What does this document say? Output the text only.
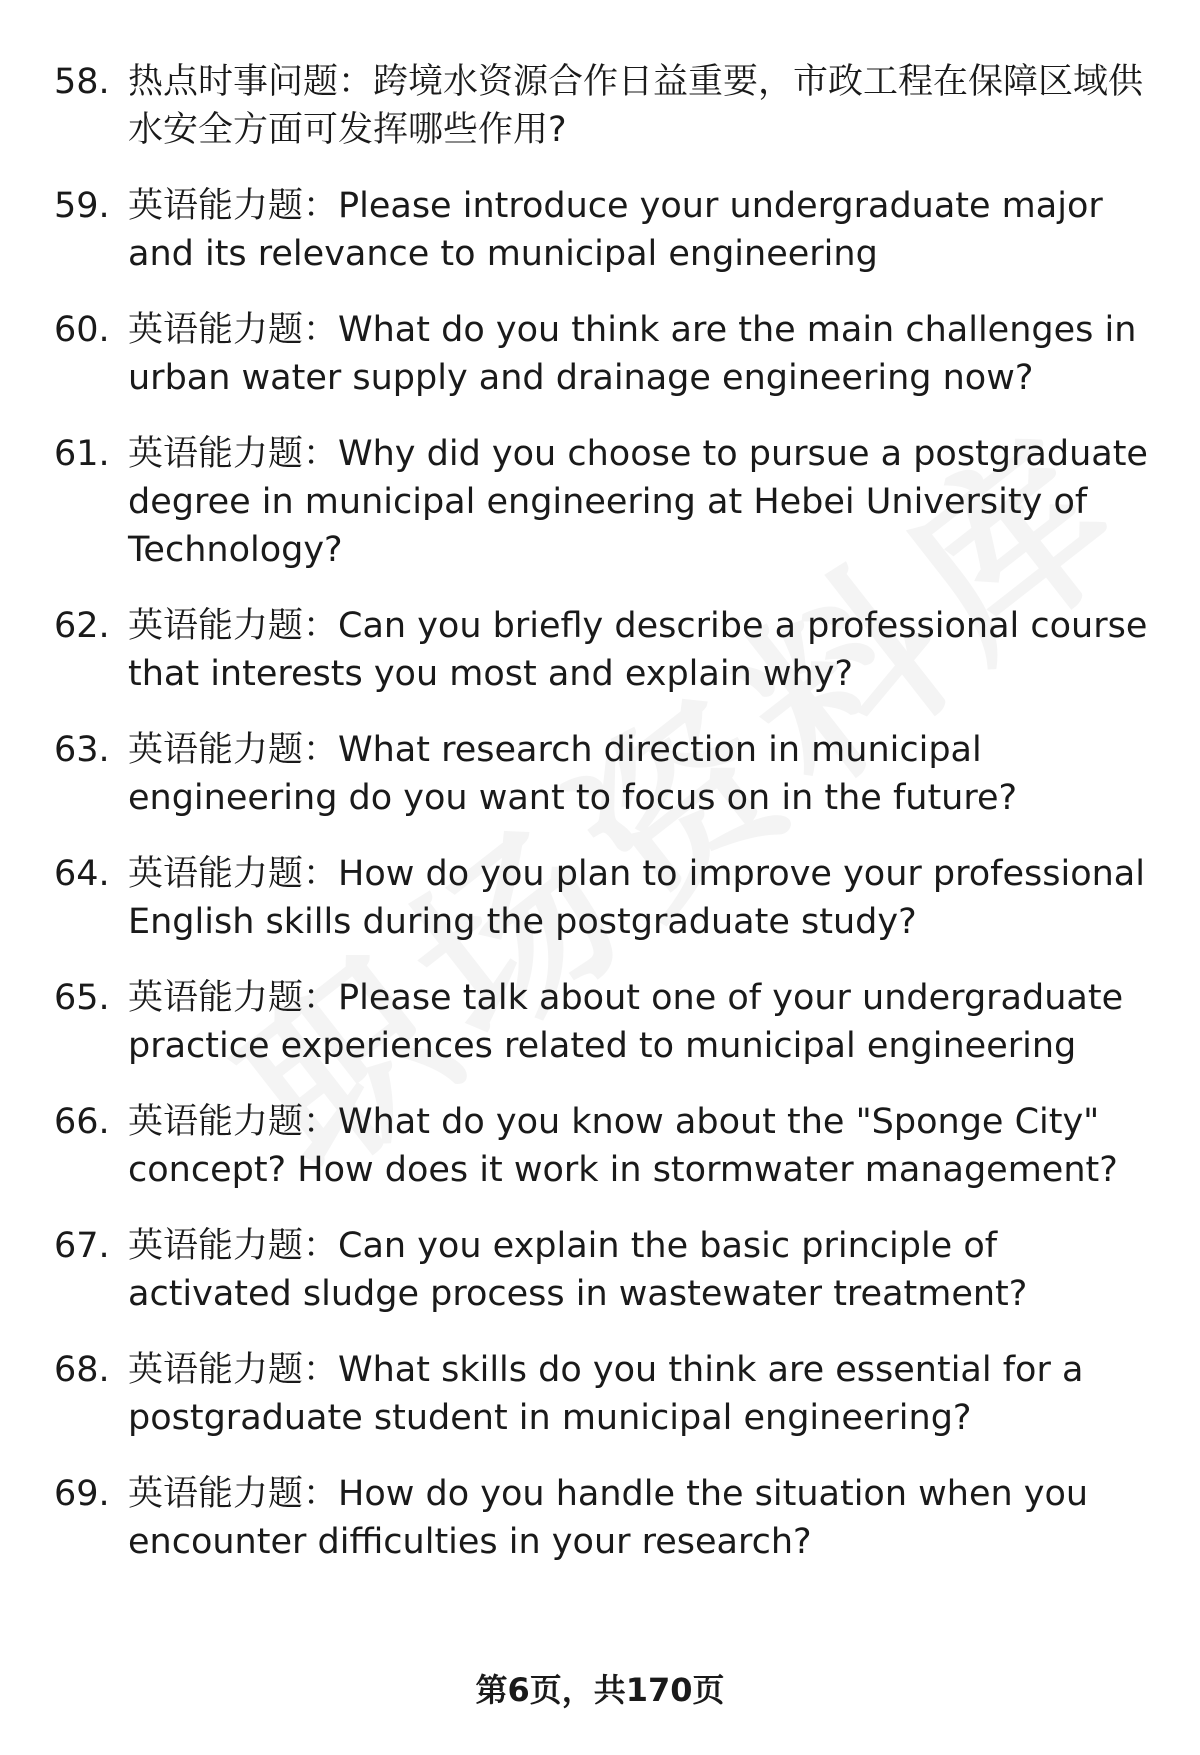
58. 热点时事问题：跨境水资源合作日益重要，市政工程在保障区域供水安全方面可发挥哪些作用?
59. 英语能力题：Please introduce your undergraduate major and its relevance to municipal engineering
60. 英语能力题：What do you think are the main challenges in urban water supply and drainage engineering now?
61. 英语能力题：Why did you choose to pursue a postgraduate degree in municipal engineering at Hebei University of Technology?
62. 英语能力题：Can you briefly describe a professional course that interests you most and explain why?
63. 英语能力题：What research direction in municipal engineering do you want to focus on in the future?
64. 英语能力题：How do you plan to improve your professional English skills during the postgraduate study?
65. 英语能力题：Please talk about one of your undergraduate practice experiences related to municipal engineering
66. 英语能力题：What do you know about the "Sponge City" concept? How does it work in stormwater management?
67. 英语能力题：Can you explain the basic principle of activated sludge process in wastewater treatment?
68. 英语能力题：What skills do you think are essential for a postgraduate student in municipal engineering?
69. 英语能力题：How do you handle the situation when you encounter difficulties in your research?
第6页，共170页
